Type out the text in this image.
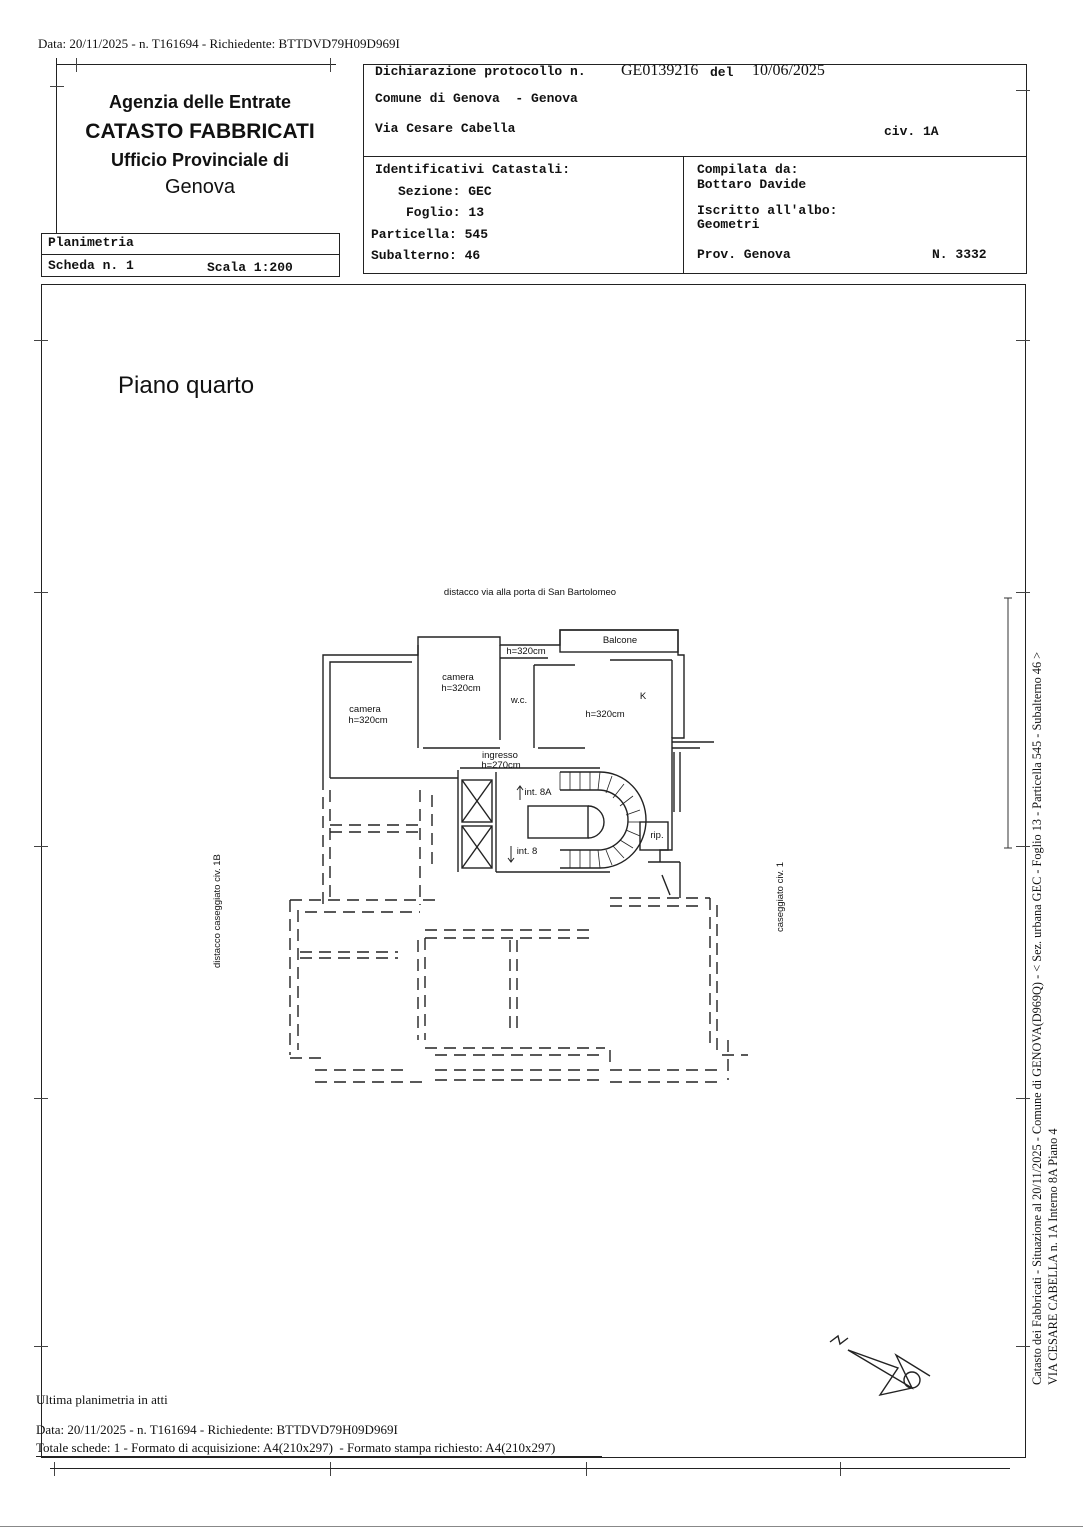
Data: 20/11/2025 - n. T161694 - Richiedente: BTTDVD79H09D969I
Agenzia delle Entrate
CATASTO FABBRICATI
Ufficio Provinciale di
Genova
Dichiarazione protocollo n. GE0139216 del 10/06/2025
Comune di Genova  - Genova
Via Cesare Cabella	civ. 1A
Identificativi Catastali:
Sezione: GEC
Foglio: 13
Particella: 545
Subalterno: 46
Compilata da:
Bottaro Davide
Iscritto all'albo:
Geometri
Prov. Genova	N. 3332
Planimetria
Scheda n. 1	Scala 1:200
Piano quarto
distacco via alla porta di San Bartolomeo
Balcone
h=320cm
camera
h=320cm
w.c.	K
camera
h=320cm
h=320cm
ingresso
h=270cm
int. 8A
int. 8
rip.
distacco caseggiato civ. 1B	caseggiato civ. 1	Catasto dei Fabbricati - Situazione al 20/11/2025 - Comune di GENOVA(D969Q) - < Sez. urbana GEC - Foglio 13 - Particella 545 - Subalterno 46 > VIA CESARE CABELLA n. 1A Interno 8A Piano 4
Ultima planimetria in atti
Data: 20/11/2025 - n. T161694 - Richiedente: BTTDVD79H09D969I
Totale schede: 1 - Formato di acquisizione: A4(210x297)  - Formato stampa richiesto: A4(210x297)
